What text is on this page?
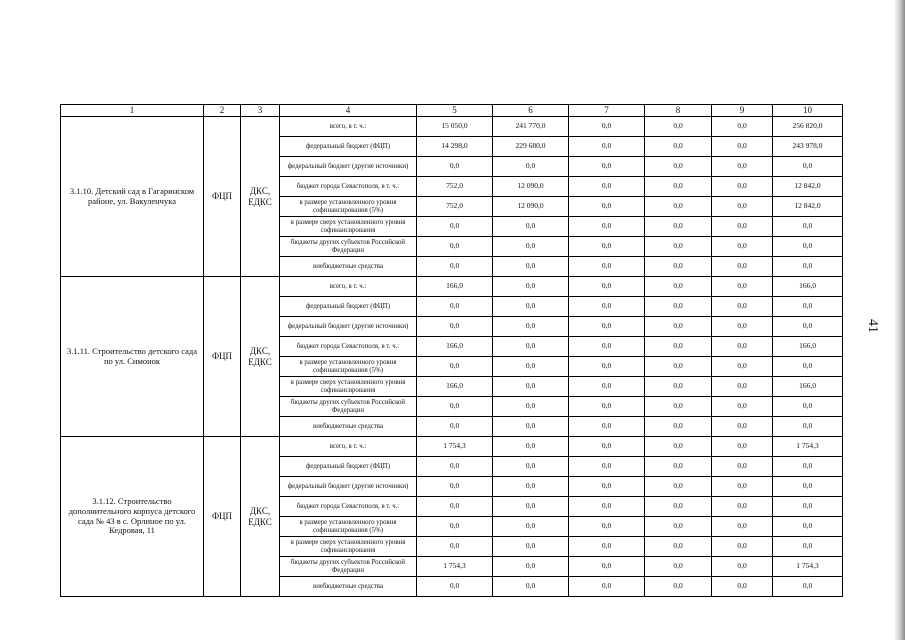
41
1	2	3	4	5	6	7	8	9	10
3.1.10. Детский сад в Гагаринском районе, ул. Вакуленчука	ФЦП	ДКС, ЕДКС	всего, в т. ч.:	15 050,0	241 770,0	0,0	0,0	0,0	256 820,0
			федеральный бюджет (ФЦП)	14 298,0	229 680,0	0,0	0,0	0,0	243 978,0
			федеральный бюджет (другие источники)	0,0	0,0	0,0	0,0	0,0	0,0
			бюджет города Севастополя, в т. ч.:	752,0	12 090,0	0,0	0,0	0,0	12 842,0
			в размере установленного уровня софинансирования (5%)	752,0	12 090,0	0,0	0,0	0,0	12 842,0
			в размере сверх установленного уровня софинансирования	0,0	0,0	0,0	0,0	0,0	0,0
			бюджеты других субъектов Российской Федерации	0,0	0,0	0,0	0,0	0,0	0,0
			внебюджетные средства	0,0	0,0	0,0	0,0	0,0	0,0
3.1.11. Строительство детского сада по ул. Симонок	ФЦП	ДКС, ЕДКС	всего, в т. ч.:	166,0	0,0	0,0	0,0	0,0	166,0
			федеральный бюджет (ФЦП)	0,0	0,0	0,0	0,0	0,0	0,0
			федеральный бюджет (другие источники)	0,0	0,0	0,0	0,0	0,0	0,0
			бюджет города Севастополя, в т. ч.:	166,0	0,0	0,0	0,0	0,0	166,0
			в размере установленного уровня софинансирования (5%)	0,0	0,0	0,0	0,0	0,0	0,0
			в размере сверх установленного уровня софинансирования	166,0	0,0	0,0	0,0	0,0	166,0
			бюджеты других субъектов Российской Федерации	0,0	0,0	0,0	0,0	0,0	0,0
			внебюджетные средства	0,0	0,0	0,0	0,0	0,0	0,0
3.1.12. Строительство дополнительного корпуса детского сада № 43 в с. Орлиное по ул. Кедровая, 11	ФЦП	ДКС, ЕДКС	всего, в т. ч.:	1 754,3	0,0	0,0	0,0	0,0	1 754,3
			федеральный бюджет (ФЦП)	0,0	0,0	0,0	0,0	0,0	0,0
			федеральный бюджет (другие источники)	0,0	0,0	0,0	0,0	0,0	0,0
			бюджет города Севастополя, в т. ч.:	0,0	0,0	0,0	0,0	0,0	0,0
			в размере установленного уровня софинансирования (5%)	0,0	0,0	0,0	0,0	0,0	0,0
			в размере сверх установленного уровня софинансирования	0,0	0,0	0,0	0,0	0,0	0,0
			бюджеты других субъектов Российской Федерации	1 754,3	0,0	0,0	0,0	0,0	1 754,3
			внебюджетные средства	0,0	0,0	0,0	0,0	0,0	0,0
